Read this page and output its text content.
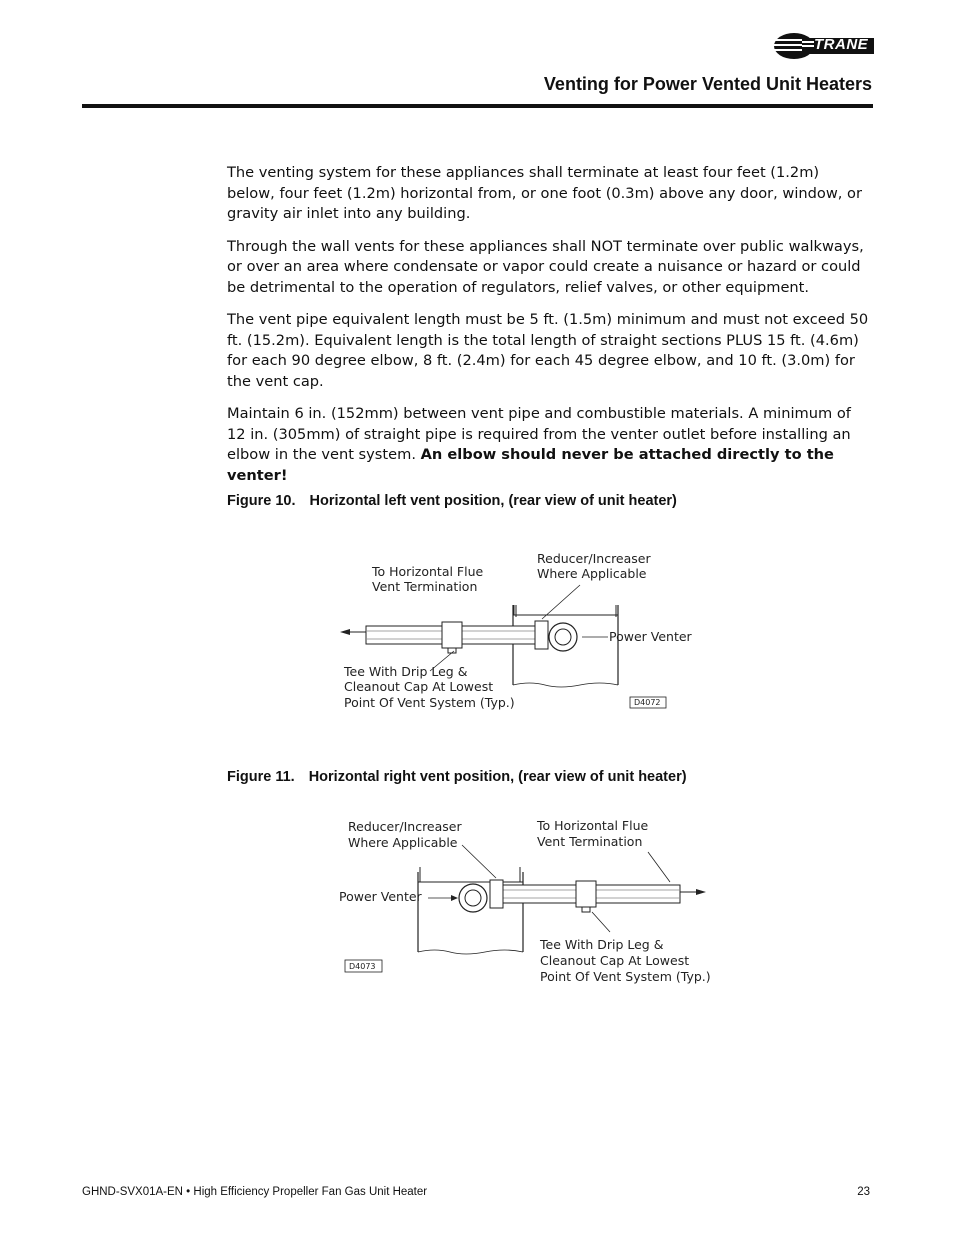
TRANE
Venting for Power Vented Unit Heaters

The venting system for these appliances shall terminate at least four feet (1.2m) below, four feet (1.2m) horizontal from, or one foot (0.3m) above any door, window, or gravity air inlet into any building.

Through the wall vents for these appliances shall NOT terminate over public walkways, or over an area where condensate or vapor could create a nuisance or hazard or could be detrimental to the operation of regulators, relief valves, or other equipment.

The vent pipe equivalent length must be 5 ft. (1.5m) minimum and must not exceed 50 ft. (15.2m). Equivalent length is the total length of straight sections PLUS 15 ft. (4.6m) for each 90 degree elbow, 8 ft. (2.4m) for each 45 degree elbow, and 10 ft. (3.0m) for the vent cap.

Maintain 6 in. (152mm) between vent pipe and combustible materials. A minimum of 12 in. (305mm) of straight pipe is required from the venter outlet before installing an elbow in the vent system. An elbow should never be attached directly to the venter!

Figure 10. Horizontal left vent position, (rear view of unit heater)
To Horizontal Flue
Vent Termination
Reducer/Increaser
Where Applicable
Power Venter
Tee With Drip Leg &
Cleanout Cap At Lowest
Point Of Vent System (Typ.)	D4072
Figure 11. Horizontal right vent position, (rear view of unit heater)
Reducer/Increaser
Where Applicable
To Horizontal Flue
Vent Termination
Power Venter
Tee With Drip Leg &
Cleanout Cap At Lowest
Point Of Vent System (Typ.)
D4073
GHND-SVX01A-EN • High Efficiency Propeller Fan Gas Unit Heater	23
